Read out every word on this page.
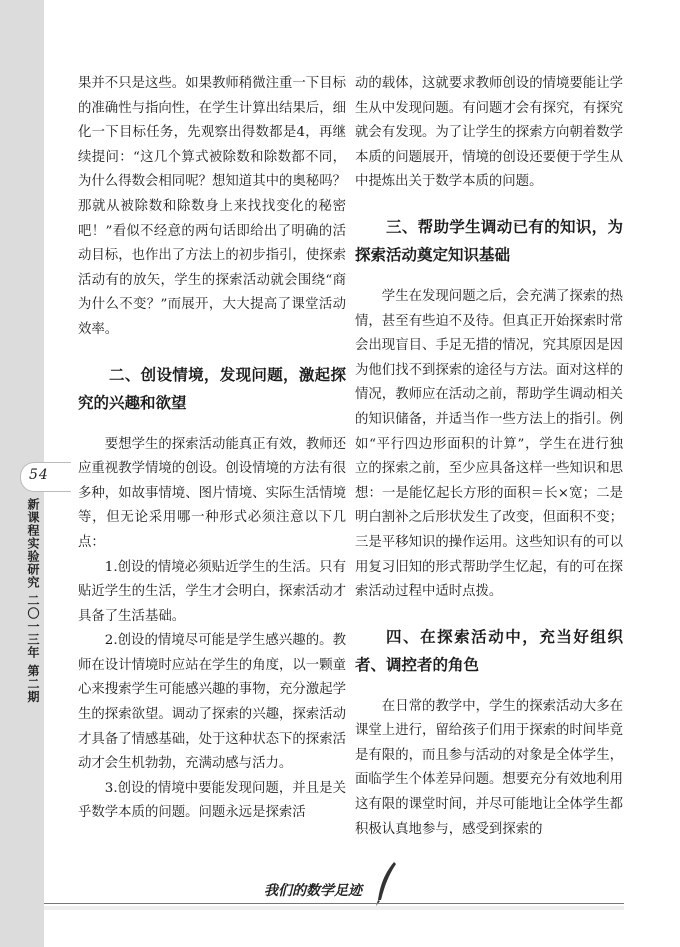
54
新课程实验研究 二〇一三年 第二期

果并不只是这些。如果教师稍微注重一下目标的准确性与指向性，在学生计算出结果后，细化一下目标任务，先观察出得数都是4，再继续提问：“这几个算式被除数和除数都不同，为什么得数会相同呢？想知道其中的奥秘吗？那就从被除数和除数身上来找找变化的秘密吧！”看似不经意的两句话即给出了明确的活动目标，也作出了方法上的初步指引，使探索活动有的放矢，学生的探索活动就会围绕“商为什么不变？”而展开，大大提高了课堂活动效率。

二、创设情境，发现问题，激起探究的兴趣和欲望

要想学生的探索活动能真正有效，教师还应重视教学情境的创设。创设情境的方法有很多种，如故事情境、图片情境、实际生活情境等，但无论采用哪一种形式必须注意以下几点：

1.创设的情境必须贴近学生的生活。只有贴近学生的生活，学生才会明白，探索活动才具备了生活基础。

2.创设的情境尽可能是学生感兴趣的。教师在设计情境时应站在学生的角度，以一颗童心来搜索学生可能感兴趣的事物，充分激起学生的探索欲望。调动了探索的兴趣，探索活动才具备了情感基础，处于这种状态下的探索活动才会生机勃勃，充满动感与活力。

3.创设的情境中要能发现问题，并且是关乎数学本质的问题。问题永远是探索活

动的载体，这就要求教师创设的情境要能让学生从中发现问题。有问题才会有探究，有探究就会有发现。为了让学生的探索方向朝着数学本质的问题展开，情境的创设还要便于学生从中提炼出关于数学本质的问题。

三、帮助学生调动已有的知识，为探索活动奠定知识基础

学生在发现问题之后，会充满了探索的热情，甚至有些迫不及待。但真正开始探索时常会出现盲目、手足无措的情况，究其原因是因为他们找不到探索的途径与方法。面对这样的情况，教师应在活动之前，帮助学生调动相关的知识储备，并适当作一些方法上的指引。例如“平行四边形面积的计算”，学生在进行独立的探索之前，至少应具备这样一些知识和思想：一是能忆起长方形的面积＝长×宽；二是明白割补之后形状发生了改变，但面积不变；三是平移知识的操作运用。这些知识有的可以用复习旧知的形式帮助学生忆起，有的可在探索活动过程中适时点拨。

四、在探索活动中，充当好组织者、调控者的角色

在日常的教学中，学生的探索活动大多在课堂上进行，留给孩子们用于探索的时间毕竟是有限的，而且参与活动的对象是全体学生，面临学生个体差异问题。想要充分有效地利用这有限的课堂时间，并尽可能地让全体学生都积极认真地参与，感受到探索的

我们的数学足迹
